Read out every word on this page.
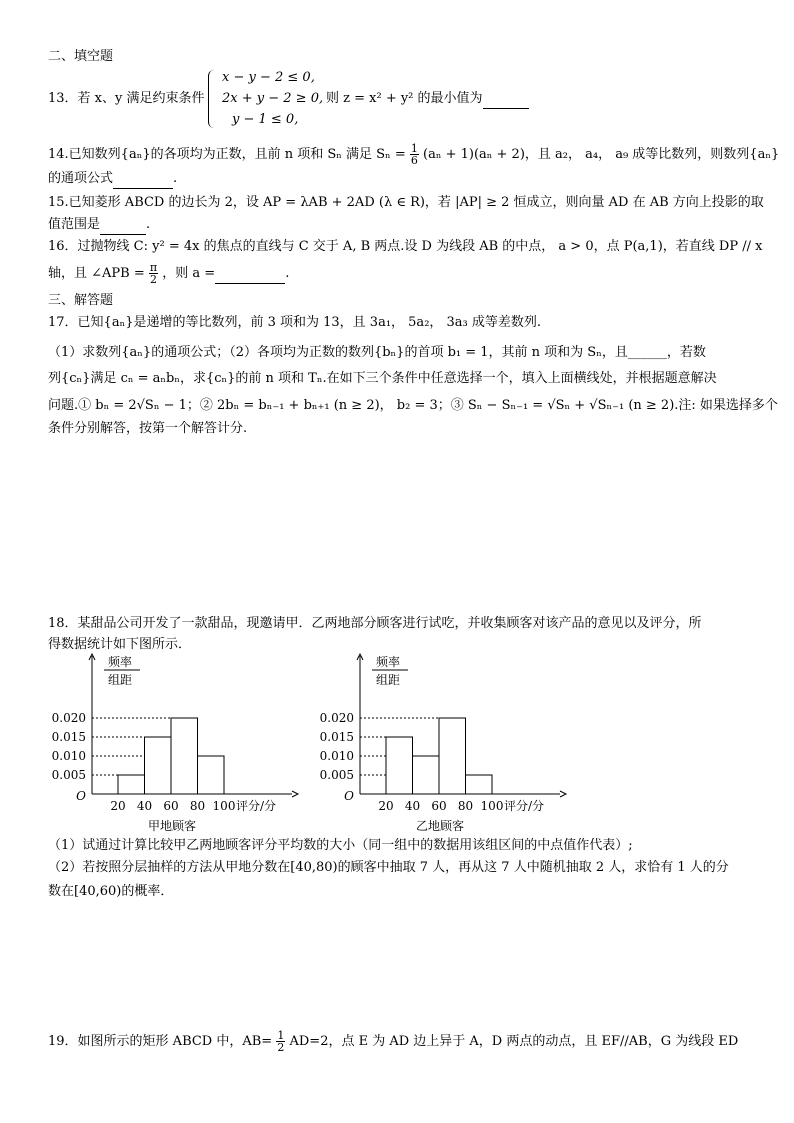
二、填空题
13．若 x、y 满足约束条件
x − y − 2 ≤ 0,
2x + y − 2 ≥ 0,
y − 1 ≤ 0,
则 z = x² + y² 的最小值为
14.已知数列{aₙ}的各项均为正数，且前 n 项和 Sₙ 满足 $S_n = \frac{1}{6} (a_n + 1)(a_n + 2)$，且 a₂， a₄， a₉ 成等比数列，则数列{aₙ}
的通项公式	.
15.已知菱形 ABCD 的边长为 2，设 AP = λAB + 2AD (λ ∈ R)，若 |AP| ≥ 2 恒成立，则向量 AD 在 AB 方向上投影的取
值范围是	.
16．过抛物线 C: y² = 4x 的焦点的直线与 C 交于 A, B 两点.设 D 为线段 AB 的中点， a > 0，点 P(a,1)，若直线 DP // x
轴，且 ∠APB = $\frac{\pi}{2}$ ，则 a =	.
三、解答题
17．已知{aₙ}是递增的等比数列，前 3 项和为 13，且 3a₁， 5a₂， 3a₃ 成等差数列.
（1）求数列{aₙ}的通项公式；（2）各项均为正数的数列{bₙ}的首项 b₁ = 1，其前 n 项和为 Sₙ，且______，若数
列{cₙ}满足 cₙ = aₙbₙ，求{cₙ}的前 n 项和 Tₙ.在如下三个条件中任意选择一个，填入上面横线处，并根据题意解决
问题.① bₙ = 2√Sₙ − 1；② 2bₙ = bₙ₋₁ + bₙ₊₁ (n ≥ 2)， b₂ = 3；③ Sₙ − Sₙ₋₁ = √Sₙ + √Sₙ₋₁ (n ≥ 2).注: 如果选择多个
条件分别解答，按第一个解答计分.
18．某甜品公司开发了一款甜品，现邀请甲．乙两地部分顾客进行试吃，并收集顾客对该产品的意见以及评分，所
得数据统计如下图所示．
频率
组距
0.005
0.010
0.015
0.020
O
20 40 60 80 100 评分/分
甲地顾客
频率
组距
0.005
0.010
0.015
0.020
O
20 40 60 80 100 评分/分
乙地顾客
（1）试通过计算比较甲乙两地顾客评分平均数的大小（同一组中的数据用该组区间的中点值作代表）;
（2）若按照分层抽样的方法从甲地分数在[40,80)的顾客中抽取 7 人，再从这 7 人中随机抽取 2 人，求恰有 1 人的分
数在[40,60)的概率．
19．如图所示的矩形 ABCD 中，$AB= \frac{1}{2} AD=2$，点 E 为 AD 边上异于 A，D 两点的动点，且 EF//AB，G 为线段 ED
